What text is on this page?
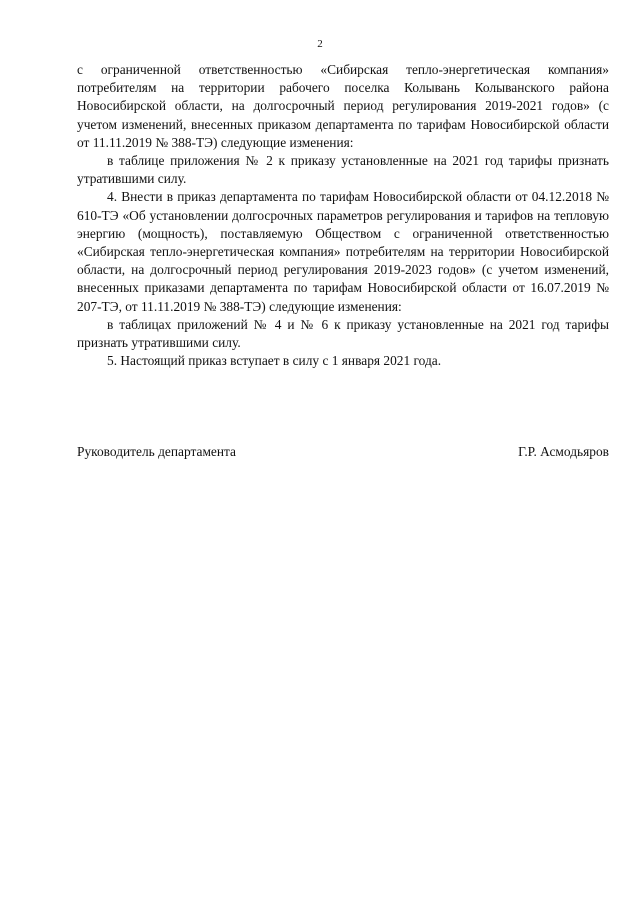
2

с ограниченной ответственностью «Сибирская тепло-энергетическая компания» потребителям на территории рабочего поселка Колывань Колыванского района Новосибирской области, на долгосрочный период регулирования 2019-2021 годов» (с учетом изменений, внесенных приказом департамента по тарифам Новосибирской области от 11.11.2019 № 388-ТЭ) следующие изменения:

в таблице приложения № 2 к приказу установленные на 2021 год тарифы признать утратившими силу.

4. Внести в приказ департамента по тарифам Новосибирской области от 04.12.2018 № 610-ТЭ «Об установлении долгосрочных параметров регулирования и тарифов на тепловую энергию (мощность), поставляемую Обществом с ограниченной ответственностью «Сибирская тепло-энергетическая компания» потребителям на территории Новосибирской области, на долгосрочный период регулирования 2019-2023 годов» (с учетом изменений, внесенных приказами департамента по тарифам Новосибирской области от 16.07.2019 № 207-ТЭ, от 11.11.2019 № 388-ТЭ) следующие изменения:

в таблицах приложений № 4 и № 6 к приказу установленные на 2021 год тарифы признать утратившими силу.

5. Настоящий приказ вступает в силу с 1 января 2021 года.

Руководитель департамента	Г.Р. Асмодьяров
